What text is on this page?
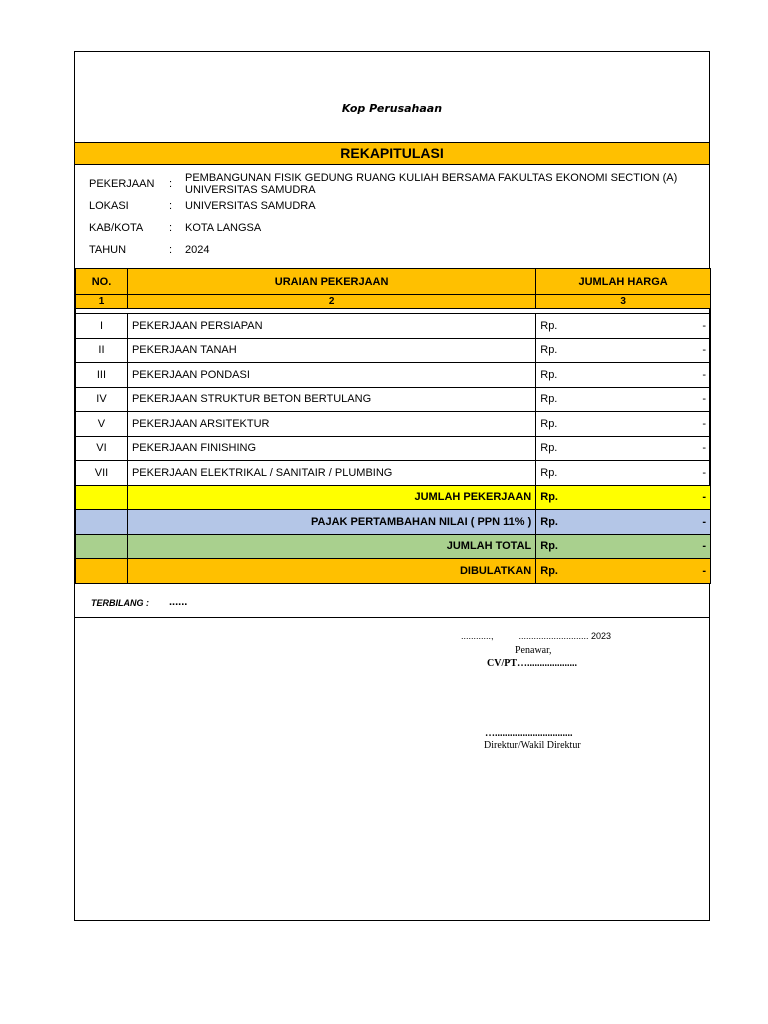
Kop Perusahaan
REKAPITULASI
PEKERJAAN : PEMBANGUNAN FISIK GEDUNG RUANG KULIAH BERSAMA FAKULTAS EKONOMI SECTION (A)
UNIVERSITAS SAMUDRA
LOKASI	: UNIVERSITAS SAMUDRA
KAB/KOTA : KOTA LANGSA
TAHUN	: 2024
NO.	URAIAN PEKERJAAN	JUMLAH HARGA
1	2	3

I	PEKERJAAN PERSIAPAN	Rp. -

II	PEKERJAAN TANAH	Rp. -

III	PEKERJAAN PONDASI	Rp. -

IV	PEKERJAAN STRUKTUR BETON BERTULANG	Rp. -

V	PEKERJAAN ARSITEKTUR	Rp. -

VI	PEKERJAAN FINISHING	Rp. -

VII	PEKERJAAN ELEKTRIKAL / SANITAIR / PLUMBING	Rp. -

	JUMLAH PEKERJAAN	Rp. -

	PAJAK PERTAMBAHAN NILAI ( PPN 11% )	Rp. -

	JUMLAH TOTAL	Rp. -

	DIBULATKAN	Rp. -
TERBILANG : ......
............,          ............................ 2023
Penawar,
CV/PT…....................
…...............................
Direktur/Wakil Direktur
